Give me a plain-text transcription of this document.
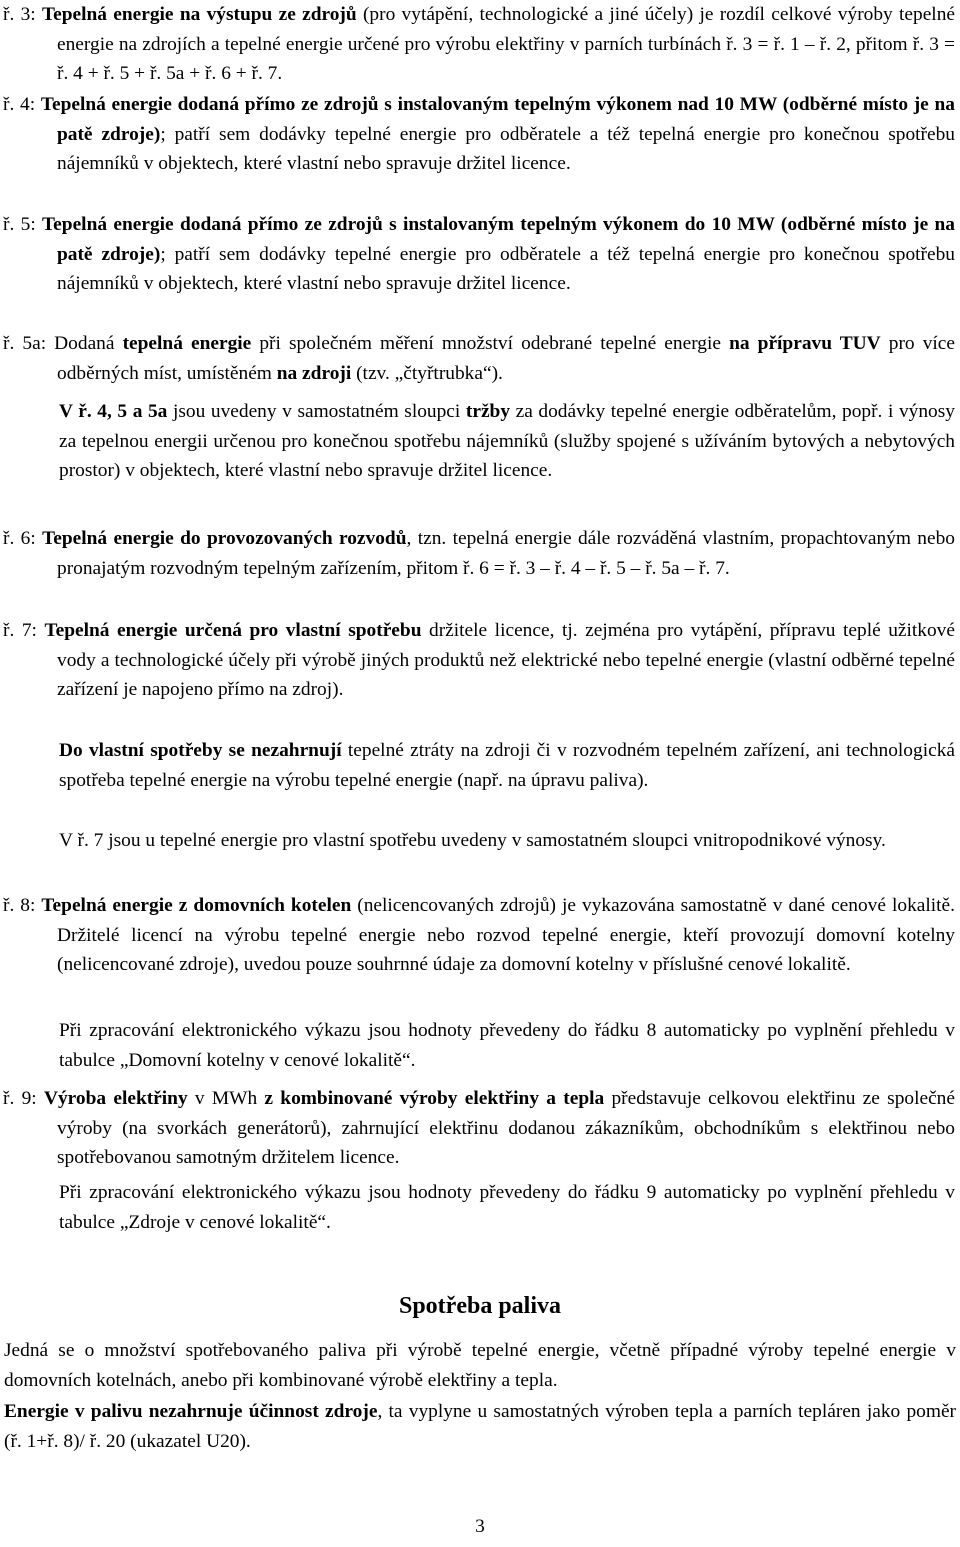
ř. 3: Tepelná energie na výstupu ze zdrojů (pro vytápění, technologické a jiné účely) je rozdíl celkové výroby tepelné energie na zdrojích a tepelné energie určené pro výrobu elektřiny v parních turbínách ř. 3 = ř. 1 – ř. 2, přitom ř. 3 = ř. 4 + ř. 5 + ř. 5a + ř. 6 + ř. 7.

ř. 4: Tepelná energie dodaná přímo ze zdrojů s instalovaným tepelným výkonem nad 10 MW (odběrné místo je na patě zdroje); patří sem dodávky tepelné energie pro odběratele a též tepelná energie pro konečnou spotřebu nájemníků v objektech, které vlastní nebo spravuje držitel licence.

ř. 5: Tepelná energie dodaná přímo ze zdrojů s instalovaným tepelným výkonem do 10 MW (odběrné místo je na patě zdroje); patří sem dodávky tepelné energie pro odběratele a též tepelná energie pro konečnou spotřebu nájemníků v objektech, které vlastní nebo spravuje držitel licence.

ř. 5a: Dodaná tepelná energie při společném měření množství odebrané tepelné energie na přípravu TUV pro více odběrných míst, umístěném na zdroji (tzv. „čtyřtrubka“).

V ř. 4, 5 a 5a jsou uvedeny v samostatném sloupci tržby za dodávky tepelné energie odběratelům, popř. i výnosy za tepelnou energii určenou pro konečnou spotřebu nájemníků (služby spojené s užíváním bytových a nebytových prostor) v objektech, které vlastní nebo spravuje držitel licence.

ř. 6: Tepelná energie do provozovaných rozvodů, tzn. tepelná energie dále rozváděná vlastním, propachtovaným nebo pronajatým rozvodným tepelným zařízením, přitom ř. 6 = ř. 3 – ř. 4 – ř. 5 – ř. 5a – ř. 7.

ř. 7: Tepelná energie určená pro vlastní spotřebu držitele licence, tj. zejména pro vytápění, přípravu teplé užitkové vody a technologické účely při výrobě jiných produktů než elektrické nebo tepelné energie (vlastní odběrné tepelné zařízení je napojeno přímo na zdroj).

Do vlastní spotřeby se nezahrnují tepelné ztráty na zdroji či v rozvodném tepelném zařízení, ani technologická spotřeba tepelné energie na výrobu tepelné energie (např. na úpravu paliva).

V ř. 7 jsou u tepelné energie pro vlastní spotřebu uvedeny v samostatném sloupci vnitropodnikové výnosy.

ř. 8: Tepelná energie z domovních kotelen (nelicencovaných zdrojů) je vykazována samostatně v dané cenové lokalitě. Držitelé licencí na výrobu tepelné energie nebo rozvod tepelné energie, kteří provozují domovní kotelny (nelicencované zdroje), uvedou pouze souhrnné údaje za domovní kotelny v příslušné cenové lokalitě.

Při zpracování elektronického výkazu jsou hodnoty převedeny do řádku 8 automaticky po vyplnění přehledu v tabulce „Domovní kotelny v cenové lokalitě“.

ř. 9: Výroba elektřiny v MWh z kombinované výroby elektřiny a tepla představuje celkovou elektřinu ze společné výroby (na svorkách generátorů), zahrnující elektřinu dodanou zákazníkům, obchodníkům s elektřinou nebo spotřebovanou samotným držitelem licence.

Při zpracování elektronického výkazu jsou hodnoty převedeny do řádku 9 automaticky po vyplnění přehledu v tabulce „Zdroje v cenové lokalitě“.

Spotřeba paliva

Jedná se o množství spotřebovaného paliva při výrobě tepelné energie, včetně případné výroby tepelné energie v domovních kotelnách, anebo při kombinované výrobě elektřiny a tepla.

Energie v palivu nezahrnuje účinnost zdroje, ta vyplyne u samostatných výroben tepla a parních tepláren jako poměr (ř. 1+ř. 8)/ ř. 20 (ukazatel U20).

3
